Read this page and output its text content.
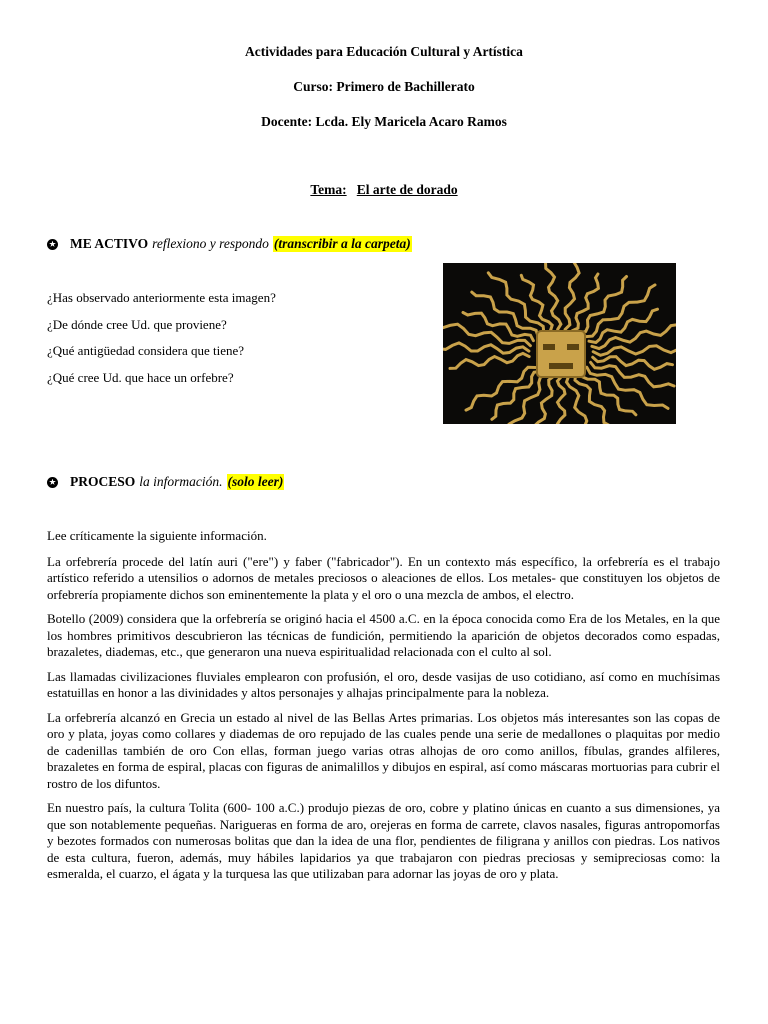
Actividades para Educación Cultural y Artística
Curso: Primero de Bachillerato
Docente: Lcda. Ely Maricela Acaro Ramos
Tema: El arte de dorado
ME ACTIVO reflexiono y respondo (transcribir a la carpeta)
¿Has observado anteriormente esta imagen?
¿De dónde cree Ud. que proviene?
¿Qué antigüedad considera que tiene?
¿Qué cree Ud. que hace un orfebre?
PROCESO la información. (solo leer)

Lee críticamente la siguiente información.

La orfebrería procede del latín auri ("ere") y faber ("fabricador"). En un contexto más específico, la orfebrería es el trabajo artístico referido a utensilios o adornos de metales preciosos o aleaciones de ellos. Los metales- que constituyen los objetos de orfebrería propiamente dichos son eminentemente la plata y el oro o una mezcla de ambos, el electro.

Botello (2009) considera que la orfebrería se originó hacia el 4500 a.C. en la época conocida como Era de los Metales, en la que los hombres primitivos descubrieron las técnicas de fundición, permitiendo la aparición de objetos decorados como espadas, brazaletes, diademas, etc., que generaron una nueva espiritualidad relacionada con el culto al sol.

Las llamadas civilizaciones fluviales emplearon con profusión, el oro, desde vasijas de uso cotidiano, así como en muchísimas estatuillas en honor a las divinidades y altos personajes y alhajas principalmente para la nobleza.

La orfebrería alcanzó en Grecia un estado al nivel de las Bellas Artes primarias. Los objetos más interesantes son las copas de oro y plata, joyas como collares y diademas de oro repujado de las cuales pende una serie de medallones o plaquitas por medio de cadenillas también de oro Con ellas, forman juego varias otras alhojas de oro como anillos, fíbulas, grandes alfileres, brazaletes en forma de espiral, placas con figuras de animalillos y dibujos en espiral, así como máscaras mortuorias para cubrir el rostro de los difuntos.

En nuestro país, la cultura Tolita (600- 100 a.C.) produjo piezas de oro, cobre y platino únicas en cuanto a sus dimensiones, ya que son notablemente pequeñas. Narigueras en forma de aro, orejeras en forma de carrete, clavos nasales, figuras antropomorfas y bezotes formados con numerosas bolitas que dan la idea de una flor, pendientes de filigrana y anillos con piedras. Los nativos de esta cultura, fueron, además, muy hábiles lapidarios ya que trabajaron con piedras preciosas y semipreciosas como: la esmeralda, el cuarzo, el ágata y la turquesa las que utilizaban para adornar las joyas de oro y plata.
